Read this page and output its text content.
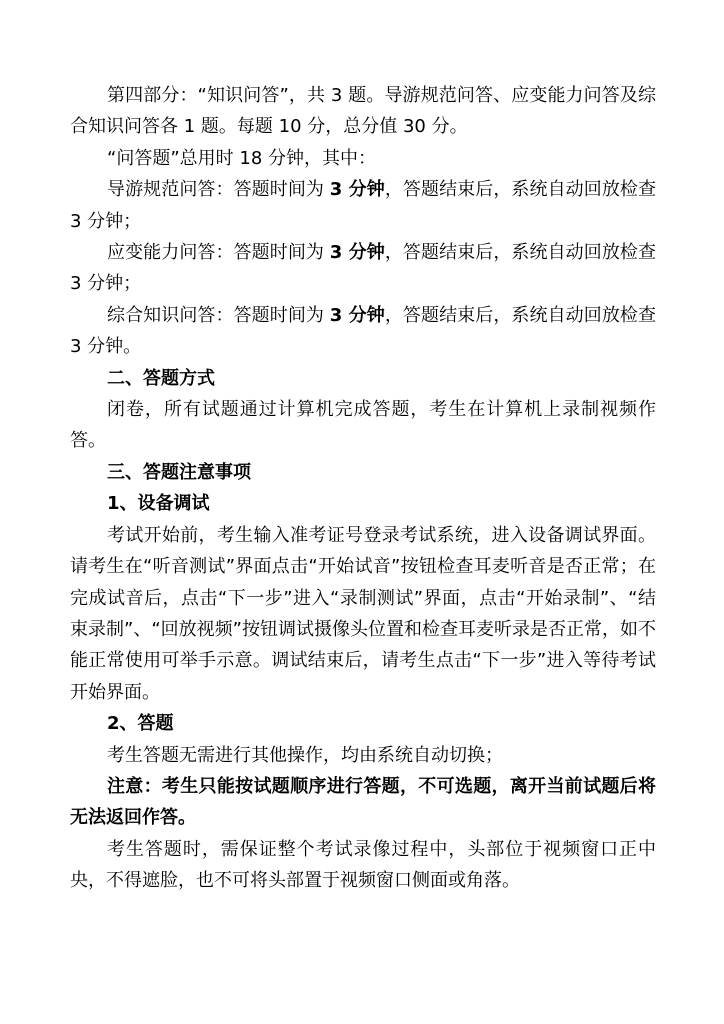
第四部分：“知识问答”，共 3 题。导游规范问答、应变能力问答及综合知识问答各 1 题。每题 10 分，总分值 30 分。

“问答题”总用时 18 分钟，其中：

导游规范问答：答题时间为 3 分钟，答题结束后，系统自动回放检查 3 分钟；

应变能力问答：答题时间为 3 分钟，答题结束后，系统自动回放检查 3 分钟；

综合知识问答：答题时间为 3 分钟，答题结束后，系统自动回放检查 3 分钟。

二、答题方式

闭卷，所有试题通过计算机完成答题，考生在计算机上录制视频作答。

三、答题注意事项

1、设备调试

考试开始前，考生输入准考证号登录考试系统，进入设备调试界面。请考生在“听音测试”界面点击“开始试音”按钮检查耳麦听音是否正常；在完成试音后，点击“下一步”进入“录制测试”界面，点击“开始录制”、“结束录制”、“回放视频”按钮调试摄像头位置和检查耳麦听录是否正常，如不能正常使用可举手示意。调试结束后，请考生点击“下一步”进入等待考试开始界面。

2、答题

考生答题无需进行其他操作，均由系统自动切换；

注意：考生只能按试题顺序进行答题，不可选题，离开当前试题后将无法返回作答。

考生答题时，需保证整个考试录像过程中，头部位于视频窗口正中央，不得遮脸，也不可将头部置于视频窗口侧面或角落。
